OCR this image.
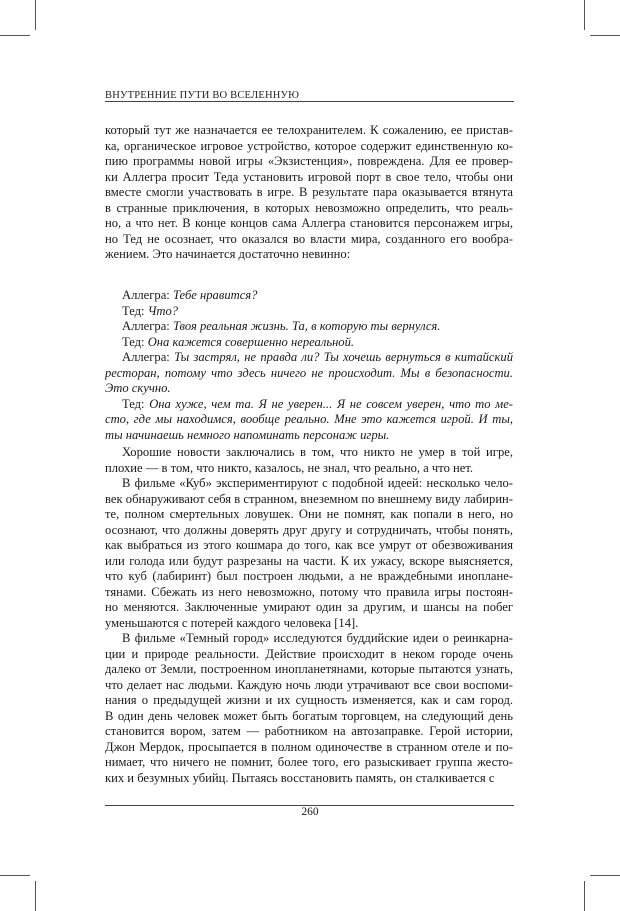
ВНУТРЕННИЕ ПУТИ ВО ВСЕЛЕННУЮ
который тут же назначается ее телохранителем. К сожалению, ее пристав-
ка, органическое игровое устройство, которое содержит единственную ко-
пию программы новой игры «Экзистенция», повреждена. Для ее провер-
ки Аллегра просит Теда установить игровой порт в свое тело, чтобы они
вместе смогли участвовать в игре. В результате пара оказывается втянута
в странные приключения, в которых невозможно определить, что реаль-
но, а что нет. В конце концов сама Аллегра становится персонажем игры,
но Тед не осознает, что оказался во власти мира, созданного его вообра-
жением. Это начинается достаточно невинно:
Аллегра: Тебе нравится?
Тед: Что?
Аллегра: Твоя реальная жизнь. Та, в которую ты вернулся.
Тед: Она кажется совершенно нереальной.
Аллегра: Ты застрял, не правда ли? Ты хочешь вернуться в китайский
ресторан, потому что здесь ничего не происходит. Мы в безопасности.
Это скучно.
Тед: Она хуже, чем та. Я не уверен... Я не совсем уверен, что то ме-
сто, где мы находимся, вообще реально. Мне это кажется игрой. И ты,
ты начинаешь немного напоминать персонаж игры.
Хорошие новости заключались в том, что никто не умер в той игре,
плохие — в том, что никто, казалось, не знал, что реально, а что нет.
В фильме «Куб» экспериментируют с подобной идеей: несколько чело-
век обнаруживают себя в странном, внеземном по внешнему виду лабирин-
те, полном смертельных ловушек. Они не помнят, как попали в него, но
осознают, что должны доверять друг другу и сотрудничать, чтобы понять,
как выбраться из этого кошмара до того, как все умрут от обезвоживания
или голода или будут разрезаны на части. К их ужасу, вскоре выясняется,
что куб (лабиринт) был построен людьми, а не враждебными иноплане-
тянами. Сбежать из него невозможно, потому что правила игры постоян-
но меняются. Заключенные умирают один за другим, и шансы на побег
уменьшаются с потерей каждого человека [14].
В фильме «Темный город» исследуются буддийские идеи о реинкарна-
ции и природе реальности. Действие происходит в неком городе очень
далеко от Земли, построенном инопланетянами, которые пытаются узнать,
что делает нас людьми. Каждую ночь люди утрачивают все свои воспоми-
нания о предыдущей жизни и их сущность изменяется, как и сам город.
В один день человек может быть богатым торговцем, на следующий день
становится вором, затем — работником на автозаправке. Герой истории,
Джон Мердок, просыпается в полном одиночестве в странном отеле и по-
нимает, что ничего не помнит, более того, его разыскивает группа жесто-
ких и безумных убийц. Пытаясь восстановить память, он сталкивается с
260
